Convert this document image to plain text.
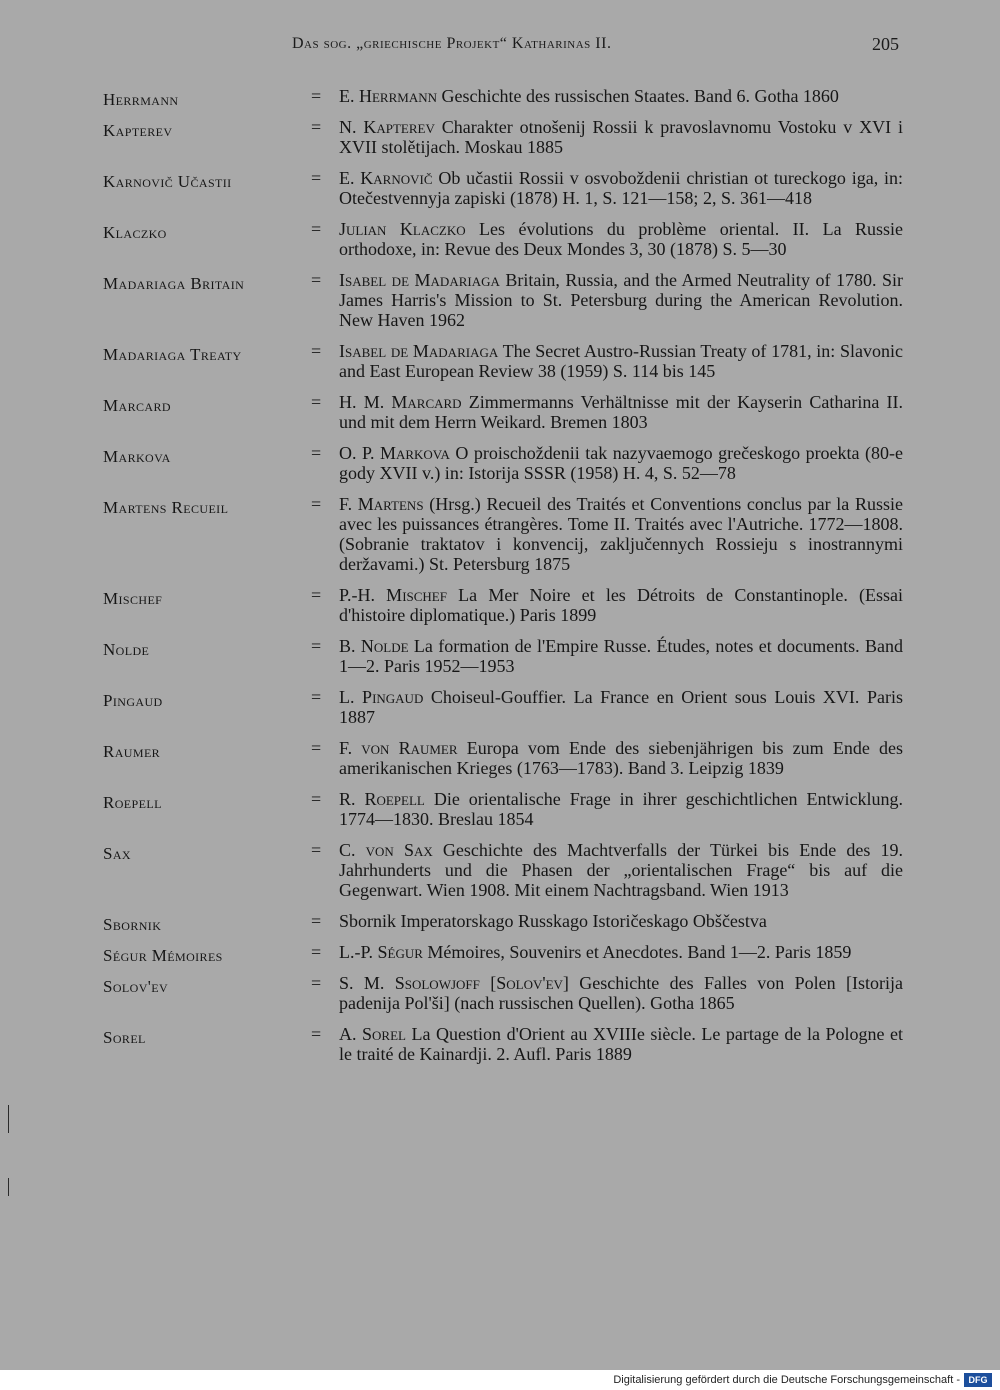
Das sog. „griechische Projekt“ Katharinas II.	205
Herrmann	= E. Herrmann Geschichte des russischen Staates. Band 6. Gotha 1860
Kapterev	= N. Kapterev Charakter otnošenij Rossii k pravoslavnomu Vostoku v XVI i XVII stolětijach. Moskau 1885
Karnovič Učastii	= E. Karnovič Ob učastii Rossii v osvoboždenii christian ot tureckogo iga, in: Otečestvennyja zapiski (1878) H. 1, S. 121—158; 2, S. 361—418
Klaczko	= Julian Klaczko Les évolutions du problème oriental. II. La Russie orthodoxe, in: Revue des Deux Mondes 3, 30 (1878) S. 5—30
Madariaga Britain	= Isabel de Madariaga Britain, Russia, and the Armed Neutrality of 1780. Sir James Harris's Mission to St. Petersburg during the American Revolution. New Haven 1962
Madariaga Treaty	= Isabel de Madariaga The Secret Austro-Russian Treaty of 1781, in: Slavonic and East European Review 38 (1959) S. 114 bis 145
Marcard	= H. M. Marcard Zimmermanns Verhältnisse mit der Kayserin Catharina II. und mit dem Herrn Weikard. Bremen 1803
Markova	= O. P. Markova O proischoždenii tak nazyvaemogo grečeskogo proekta (80-e gody XVII v.) in: Istorija SSSR (1958) H. 4, S. 52—78
Martens Recueil	= F. Martens (Hrsg.) Recueil des Traités et Conventions conclus par la Russie avec les puissances étrangères. Tome II. Traités avec l'Autriche. 1772—1808. (Sobranie traktatov i konvencij, zaključennych Rossieju s inostrannymi deržavami.) St. Petersburg 1875
Mischef	= P.-H. Mischef La Mer Noire et les Détroits de Constantinople. (Essai d'histoire diplomatique.) Paris 1899
Nolde	= B. Nolde La formation de l'Empire Russe. Études, notes et documents. Band 1—2. Paris 1952—1953
Pingaud	= L. Pingaud Choiseul-Gouffier. La France en Orient sous Louis XVI. Paris 1887
Raumer	= F. von Raumer Europa vom Ende des siebenjährigen bis zum Ende des amerikanischen Krieges (1763—1783). Band 3. Leipzig 1839
Roepell	= R. Roepell Die orientalische Frage in ihrer geschichtlichen Entwicklung. 1774—1830. Breslau 1854
Sax	= C. von Sax Geschichte des Machtverfalls der Türkei bis Ende des 19. Jahrhunderts und die Phasen der „orientalischen Frage“ bis auf die Gegenwart. Wien 1908. Mit einem Nachtragsband. Wien 1913
Sbornik	= Sbornik Imperatorskago Russkago Istoričeskago Obščestva
Ségur Mémoires	= L.-P. Ségur Mémoires, Souvenirs et Anecdotes. Band 1—2. Paris 1859
Solov'ev	= S. M. Ssolowjoff [Solov'ev] Geschichte des Falles von Polen [Istorija padenija Pol'ši] (nach russischen Quellen). Gotha 1865
Sorel	= A. Sorel La Question d'Orient au XVIIIe siècle. Le partage de la Pologne et le traité de Kainardji. 2. Aufl. Paris 1889
Digitalisierung gefördert durch die Deutsche Forschungsgemeinschaft - DFG
